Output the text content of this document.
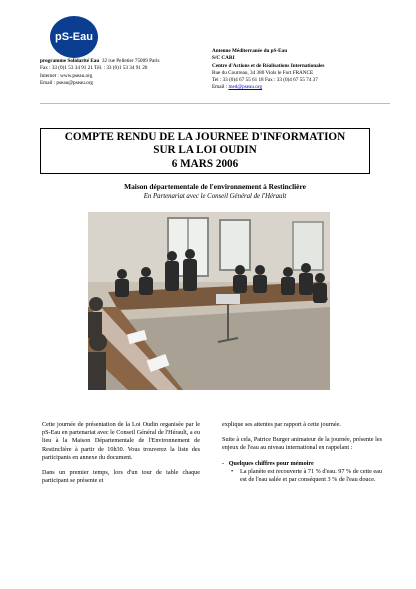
pS-Eau
programme Solidarité Eau 32 rue Pelletier 75009 Paris
Fax : 33 (0)1 53 34 91 21 Tél. : 33 (0)1 53 34 91 20
Internet : www.pseau.org
Email : pseau@pseau.org
Antenne Méditerranée du pS-Eau
S/C CARI
Centre d'Actions et de Réalisations Internationales
Rue du Courreau, 34 380 Viols le Fort FRANCE
Tel : 33 (0)4 67 55 61 18 Fax : 33 (0)4 67 55 74 37
Email : med@pseau.org
COMPTE RENDU DE LA JOURNEE D'INFORMATION
SUR LA LOI OUDIN
6 MARS 2006
Maison départementale de l'environnement à Restinclière
En Partenariat avec le Conseil Général de l'Hérault

Cette journée de présentation de la Loi Oudin organisée par le pS-Eau en partenariat avec le Conseil Général de l'Hérault, a eu lieu à la Maison Départementale de l'Environnement de Restinclière à partir de 10h30. Vous trouverez la liste des participants en annexe du document.

Dans un premier temps, lors d'un tour de table chaque participant se présente et

explique ses attentes par rapport à cette journée.

Suite à cela, Patrice Burger animateur de la journée, présente les enjeux de l'eau au niveau international en rappelant :

- Quelques chiffres pour mémoire
• La planète est recouverte à 71 % d'eau. 97 % de cette eau est de l'eau salée et par conséquent 3 % de l'eau douce.
